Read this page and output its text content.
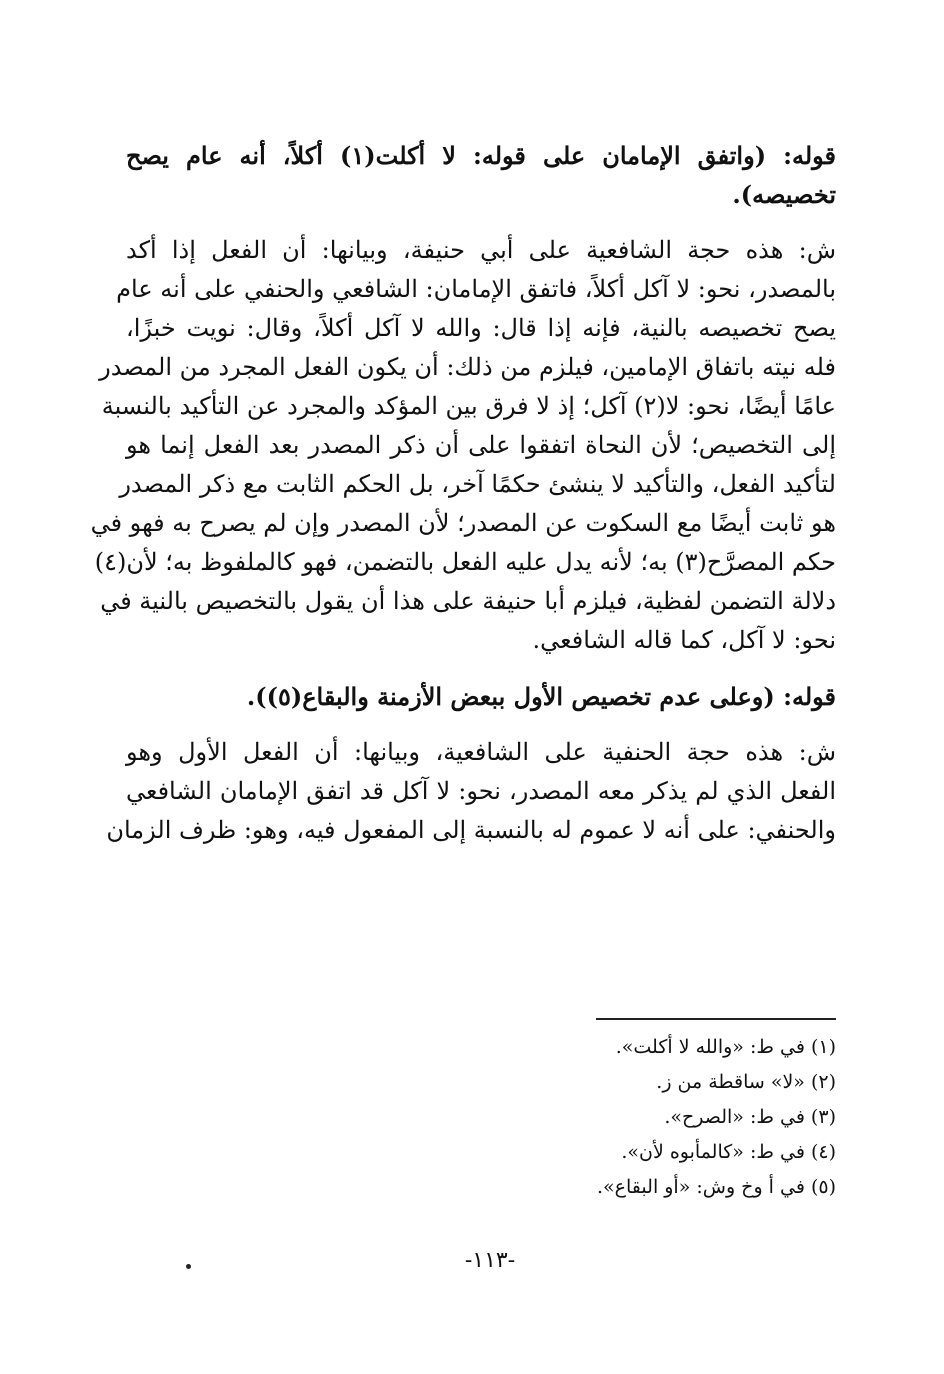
قوله: (واتفق الإمامان على قوله: لا أكلت(١) أكلاً، أنه عام يصح
تخصيصه).
ش: هذه حجة الشافعية على أبي حنيفة، وبيانها: أن الفعل إذا أكد
بالمصدر، نحو: لا آكل أكلاً، فاتفق الإمامان: الشافعي والحنفي على أنه عام
يصح تخصيصه بالنية، فإنه إذا قال: والله لا آكل أكلاً، وقال: نويت خبزًا،
فله نيته باتفاق الإمامين، فيلزم من ذلك: أن يكون الفعل المجرد من المصدر
عامًا أيضًا، نحو: لا(٢) آكل؛ إذ لا فرق بين المؤكد والمجرد عن التأكيد بالنسبة
إلى التخصيص؛ لأن النحاة اتفقوا على أن ذكر المصدر بعد الفعل إنما هو
لتأكيد الفعل، والتأكيد لا ينشئ حكمًا آخر، بل الحكم الثابت مع ذكر المصدر
هو ثابت أيضًا مع السكوت عن المصدر؛ لأن المصدر وإن لم يصرح به فهو في
حكم المصرَّح(٣) به؛ لأنه يدل عليه الفعل بالتضمن، فهو كالملفوظ به؛ لأن(٤)
دلالة التضمن لفظية، فيلزم أبا حنيفة على هذا أن يقول بالتخصيص بالنية في
نحو: لا آكل، كما قاله الشافعي.
قوله: (وعلى عدم تخصيص الأول ببعض الأزمنة والبقاع(٥)).
ش: هذه حجة الحنفية على الشافعية، وبيانها: أن الفعل الأول وهو
الفعل الذي لم يذكر معه المصدر، نحو: لا آكل قد اتفق الإمامان الشافعي
والحنفي: على أنه لا عموم له بالنسبة إلى المفعول فيه، وهو: ظرف الزمان
(١) في ط: «والله لا أكلت».
(٢) «لا» ساقطة من ز.
(٣) في ط: «الصرح».
(٤) في ط: «كالمأبوه لأن».
(٥) في أ وخ وش: «أو البقاع».
-١١٣-
